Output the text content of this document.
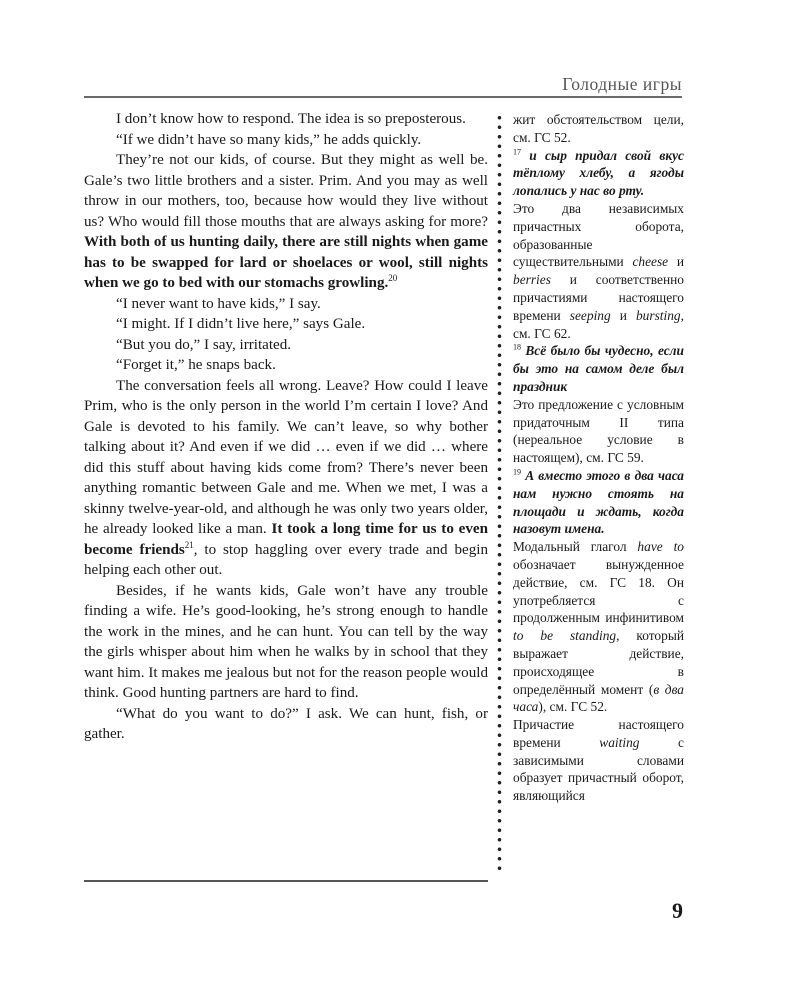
Голодные игры

I don’t know how to respond. The idea is so preposterous.

“If we didn’t have so many kids,” he adds quickly.

They’re not our kids, of course. But they might as well be. Gale’s two little brothers and a sister. Prim. And you may as well throw in our mothers, too, because how would they live without us? Who would fill those mouths that are always asking for more? With both of us hunting daily, there are still nights when game has to be swapped for lard or shoelaces or wool, still nights when we go to bed with our stomachs growling.$^{20}$

“I never want to have kids,” I say.

“I might. If I didn’t live here,” says Gale.

“But you do,” I say, irritated.

“Forget it,” he snaps back.

The conversation feels all wrong. Leave? How could I leave Prim, who is the only person in the world I’m certain I love? And Gale is devoted to his family. We can’t leave, so why bother talking about it? And even if we did … even if we did … where did this stuff about having kids come from? There’s never been anything romantic between Gale and me. When we met, I was a skinny twelve-year-old, and although he was only two years older, he already looked like a man. It took a long time for us to even become friends$^{21}$, to stop haggling over every trade and begin helping each other out.

Besides, if he wants kids, Gale won’t have any trouble finding a wife. He’s good-looking, he’s strong enough to handle the work in the mines, and he can hunt. You can tell by the way the girls whisper about him when he walks by in school that they want him. It makes me jealous but not for the reason people would think. Good hunting partners are hard to find.

“What do you want to do?” I ask. We can hunt, fish, or gather.

жит обстоятельством цели, см. ГС 52.

$^{17}$ и сыр придал свой вкус тёплому хлебу, а ягоды лопались у нас во рту.

Это два независимых причастных оборота, образованные существительными cheese и berries и соответственно причастиями настоящего времени seeping и bursting, см. ГС 62.

$^{18}$ Всё было бы чудесно, если бы это на самом деле был праздник

Это предложение с условным придаточным II типа (нереальное условие в настоящем), см. ГС 59.

$^{19}$ А вместо этого в два часа нам нужно стоять на площади и ждать, когда назовут имена.

Модальный глагол have to обозначает вынужденное действие, см. ГС 18. Он употребляется с продолженным инфинитивом to be standing, который выражает действие, происходящее в определённый момент (в два часа), см. ГС 52.

Причастие настоящего времени waiting с зависимыми словами образует причастный оборот, являющийся

9
